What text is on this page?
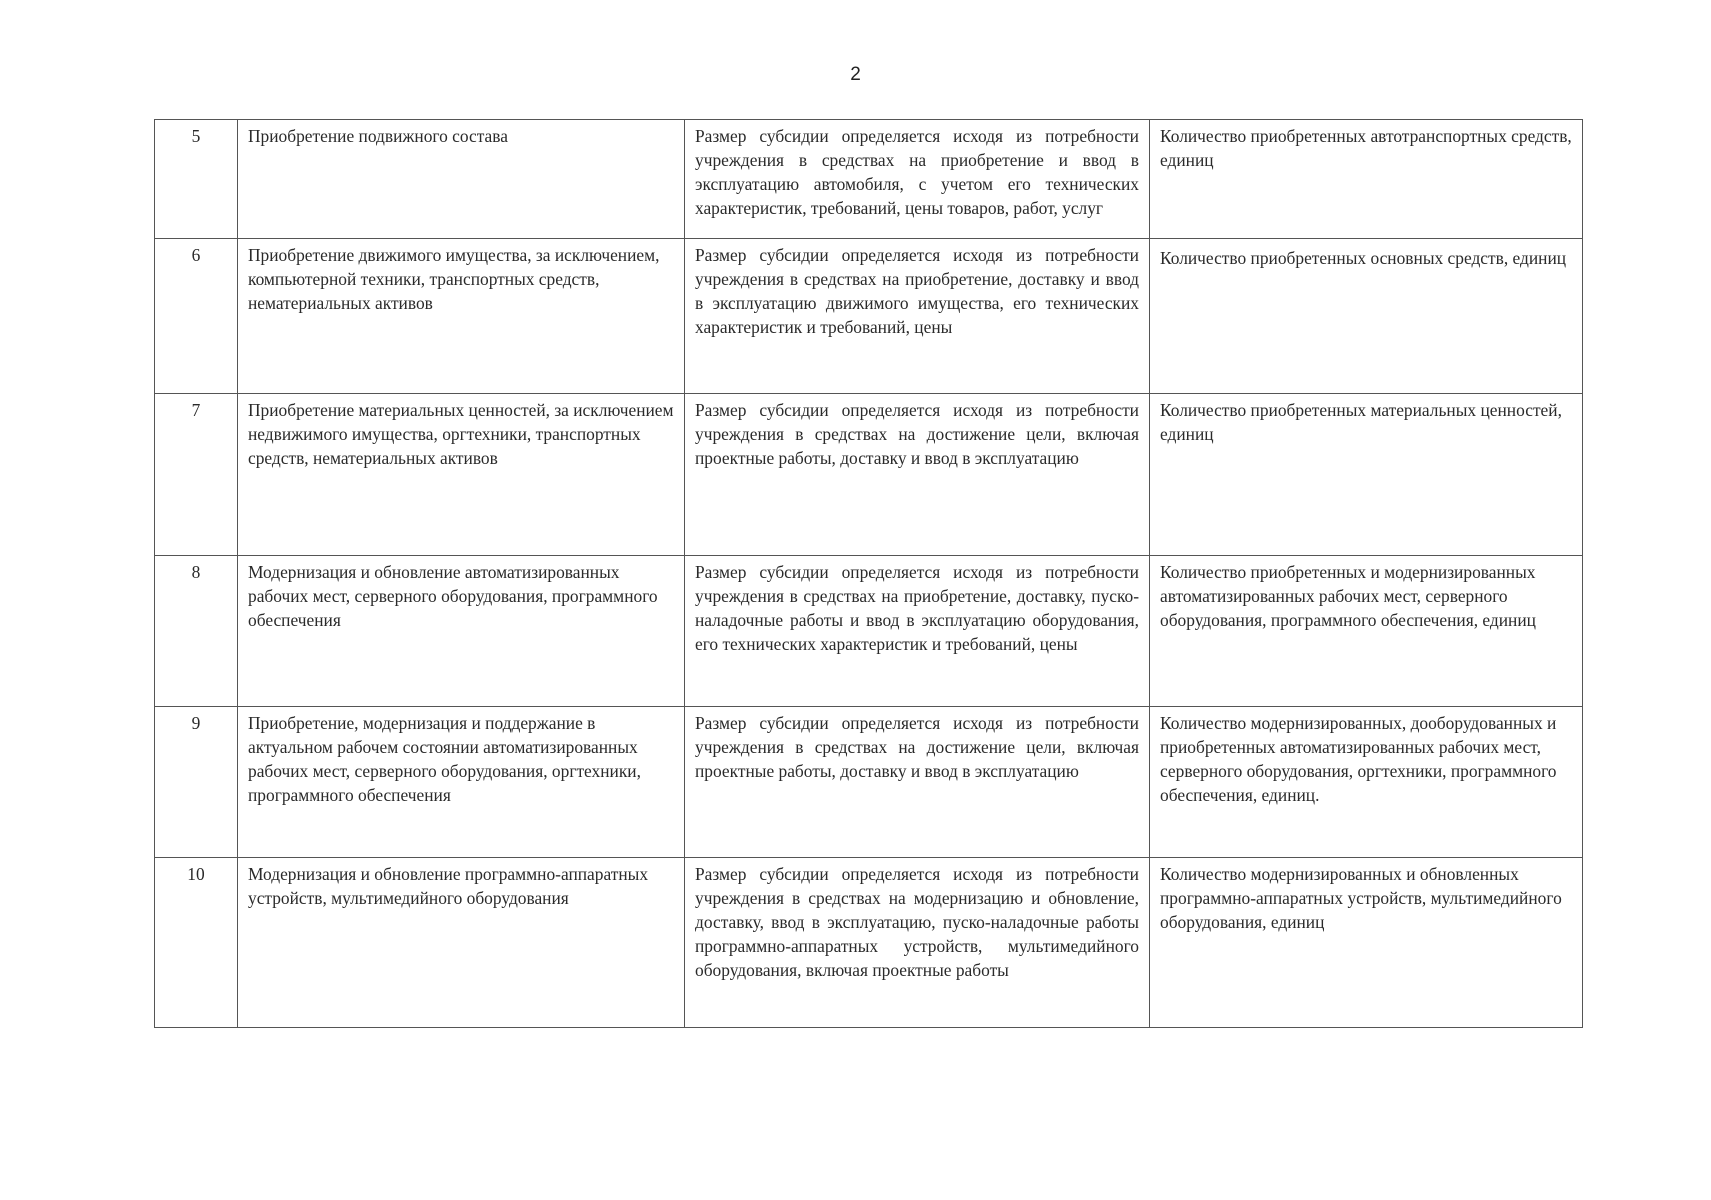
2
5	Приобретение подвижного состава	Размер субсидии определяется исходя из потребности учреждения в средствах на приобретение и ввод в эксплуатацию автомобиля, с учетом его технических характеристик, требований, цены товаров, работ, услуг	Количество приобретенных автотранспортных средств, единиц

6	Приобретение движимого имущества, за исключением, компьютерной техники, транспортных средств, нематериальных активов	Размер субсидии определяется исходя из потребности учреждения в средствах на приобретение, доставку и ввод в эксплуатацию движимого имущества, его технических характеристик и требований, цены	Количество приобретенных основных средств, единиц

7	Приобретение материальных ценностей, за исключением недвижимого имущества, оргтехники, транспортных средств, нематериальных активов	Размер субсидии определяется исходя из потребности учреждения в средствах на достижение цели, включая проектные работы, доставку и ввод в эксплуатацию	Количество приобретенных материальных ценностей, единиц

8	Модернизация и обновление автоматизированных рабочих мест, серверного оборудования, программного обеспечения	Размер субсидии определяется исходя из потребности учреждения в средствах на приобретение, доставку, пуско-наладочные работы и ввод в эксплуатацию оборудования, его технических характеристик и требований, цены	Количество приобретенных и модернизированных автоматизированных рабочих мест, серверного оборудования, программного обеспечения, единиц

9	Приобретение, модернизация и поддержание в актуальном рабочем состоянии автоматизированных рабочих мест, серверного оборудования, оргтехники, программного обеспечения	Размер субсидии определяется исходя из потребности учреждения в средствах на достижение цели, включая проектные работы, доставку и ввод в эксплуатацию	Количество модернизированных, дооборудованных и приобретенных автоматизированных рабочих мест, серверного оборудования, оргтехники, программного обеспечения, единиц.

10	Модернизация и обновление программно-аппаратных устройств, мультимедийного оборудования	Размер субсидии определяется исходя из потребности учреждения в средствах на модернизацию и обновление, доставку, ввод в эксплуатацию, пуско-наладочные работы программно-аппаратных устройств, мультимедийного оборудования, включая проектные работы	Количество модернизированных и обновленных программно-аппаратных устройств, мультимедийного оборудования, единиц
